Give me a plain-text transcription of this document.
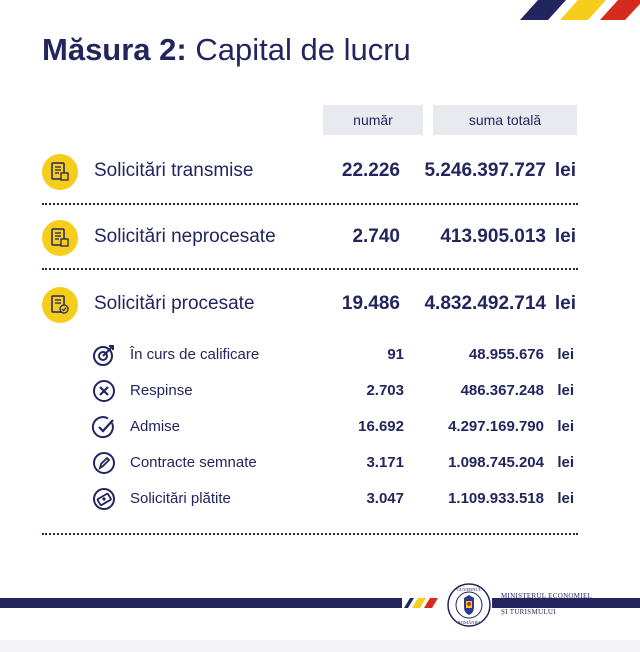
Măsura 2: Capital de lucru
număr	suma totală
Solicitări transmise	22.226 5.246.397.727 lei
Solicitări neprocesate	2.740 413.905.013 lei
Solicitări procesate	19.486 4.832.492.714 lei
În curs de calificare	91	48.955.676 lei
Respinse	2.703	486.367.248 lei
Admise	16.692	4.297.169.790 lei
Contracte semnate	3.171	1.098.745.204 lei
Solicitări plătite	3.047	1.109.933.518 lei
GUVERNUL
ROMÂNIEI
MINISTERUL ECONOMIEI,
ANTREPRENORIATULUI
ȘI TURISMULUI
